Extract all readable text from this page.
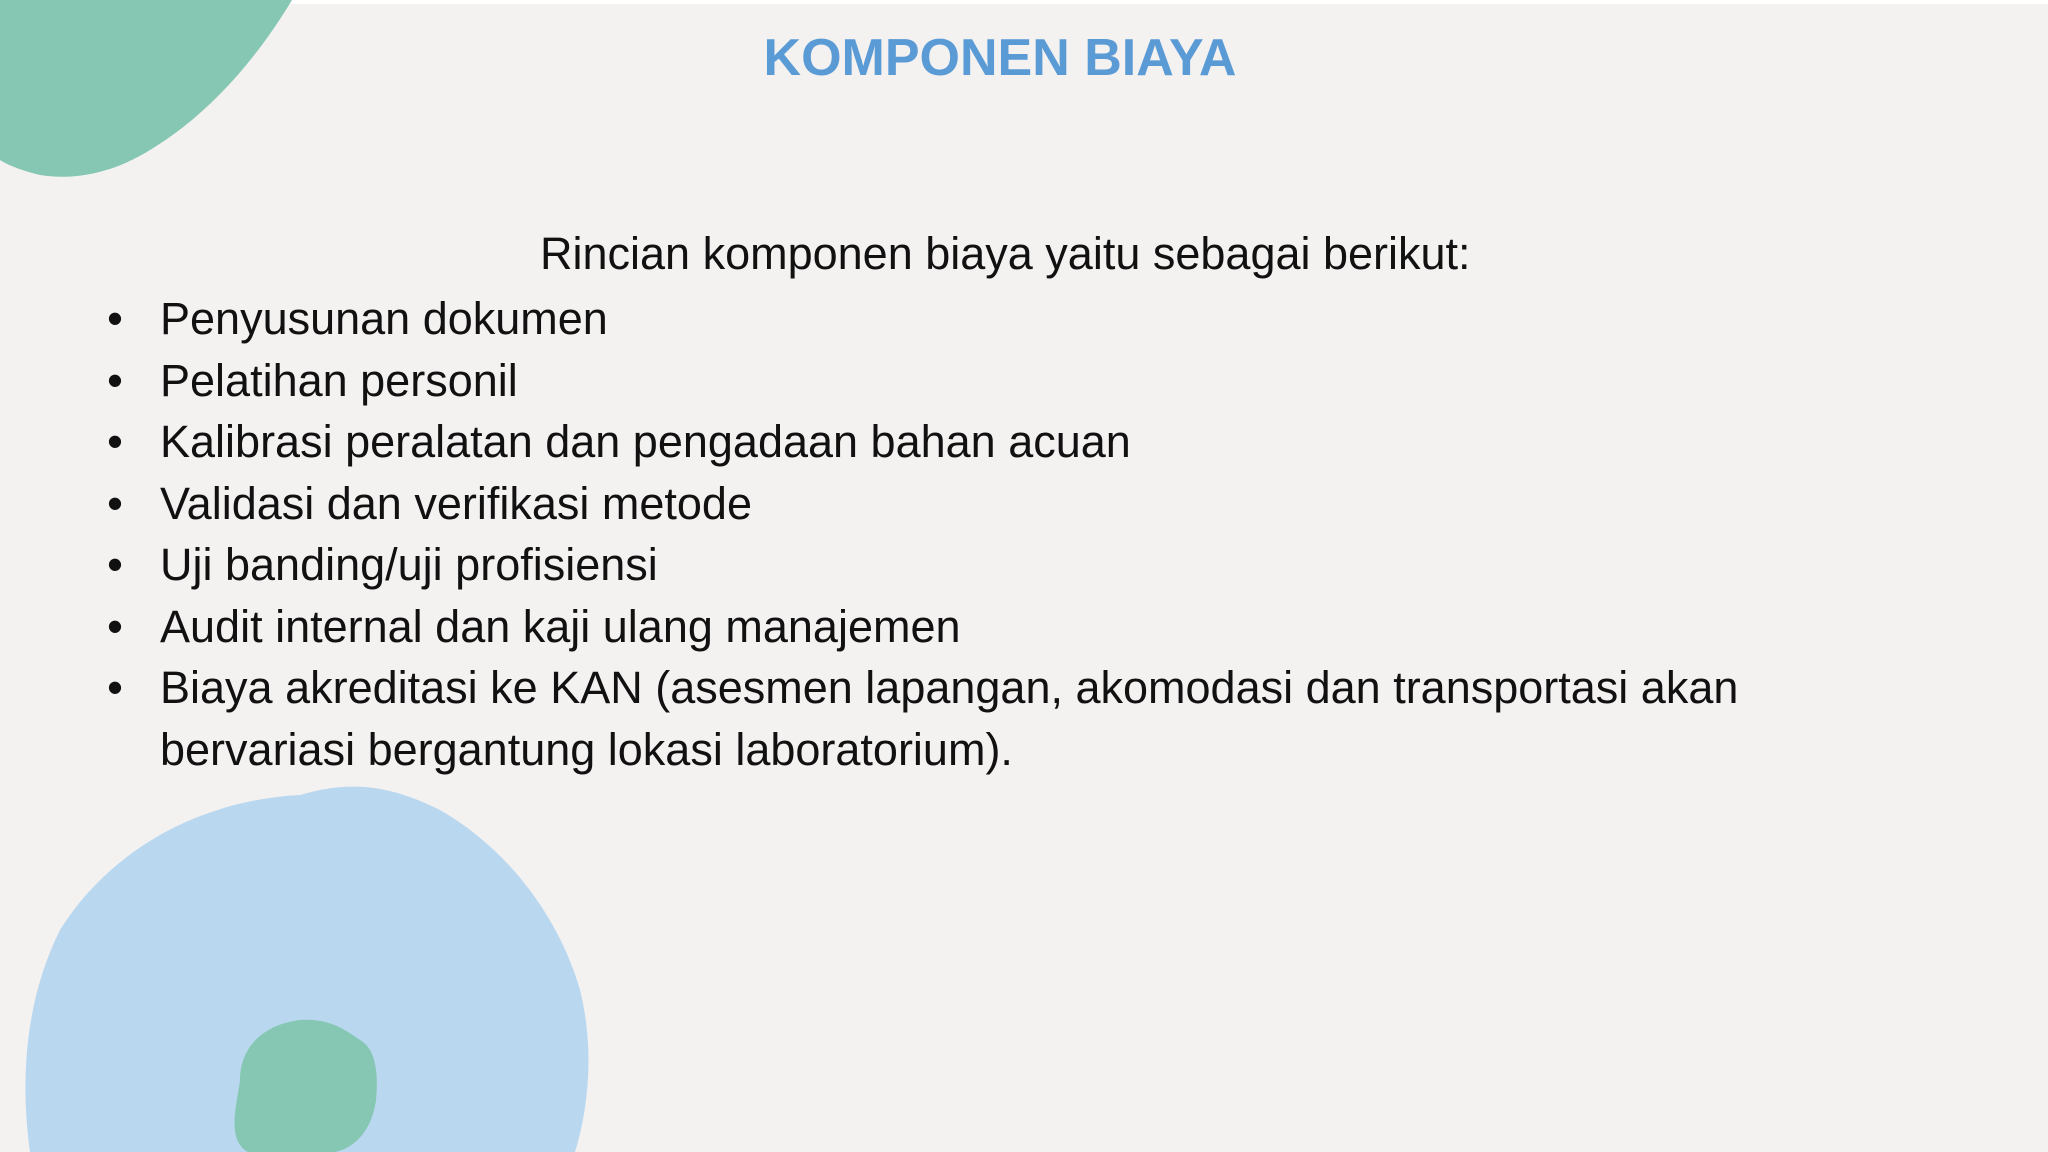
KOMPONEN BIAYA
Rincian komponen biaya yaitu sebagai berikut:
• Penyusunan dokumen
• Pelatihan personil
• Kalibrasi peralatan dan pengadaan bahan acuan
• Validasi dan verifikasi metode
• Uji banding/uji profisiensi
• Audit internal dan kaji ulang manajemen
• Biaya akreditasi ke KAN (asesmen lapangan, akomodasi dan transportasi akan bervariasi bergantung lokasi laboratorium).
